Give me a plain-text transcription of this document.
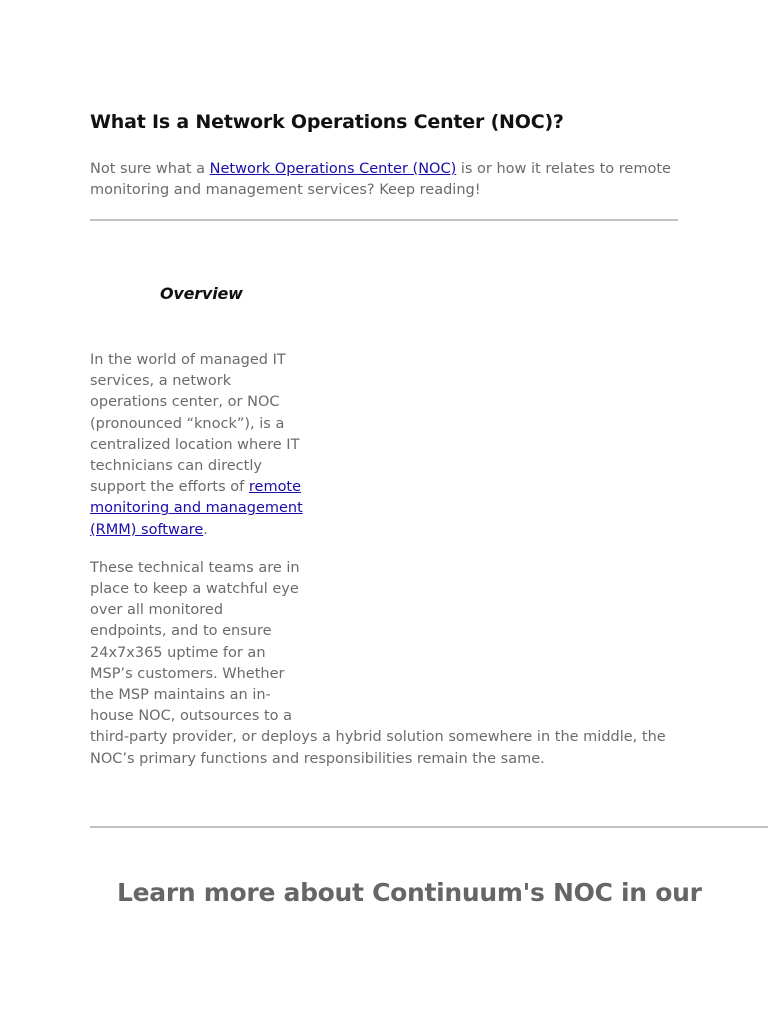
What Is a Network Operations Center (NOC)?

Not sure what a Network Operations Center (NOC) is or how it relates to remote monitoring and management services? Keep reading!

Overview

In the world of managed IT services, a network operations center, or NOC (pronounced “knock”), is a centralized location where IT technicians can directly support the efforts of remote monitoring and management (RMM) software.

These technical teams are in place to keep a watchful eye over all monitored endpoints, and to ensure 24x7x365 uptime for an MSP’s customers. Whether the MSP maintains an in-house NOC, outsources to a third-party provider, or deploys a hybrid solution somewhere in the middle, the NOC’s primary functions and responsibilities remain the same.

Learn more about Continuum's NOC in our
